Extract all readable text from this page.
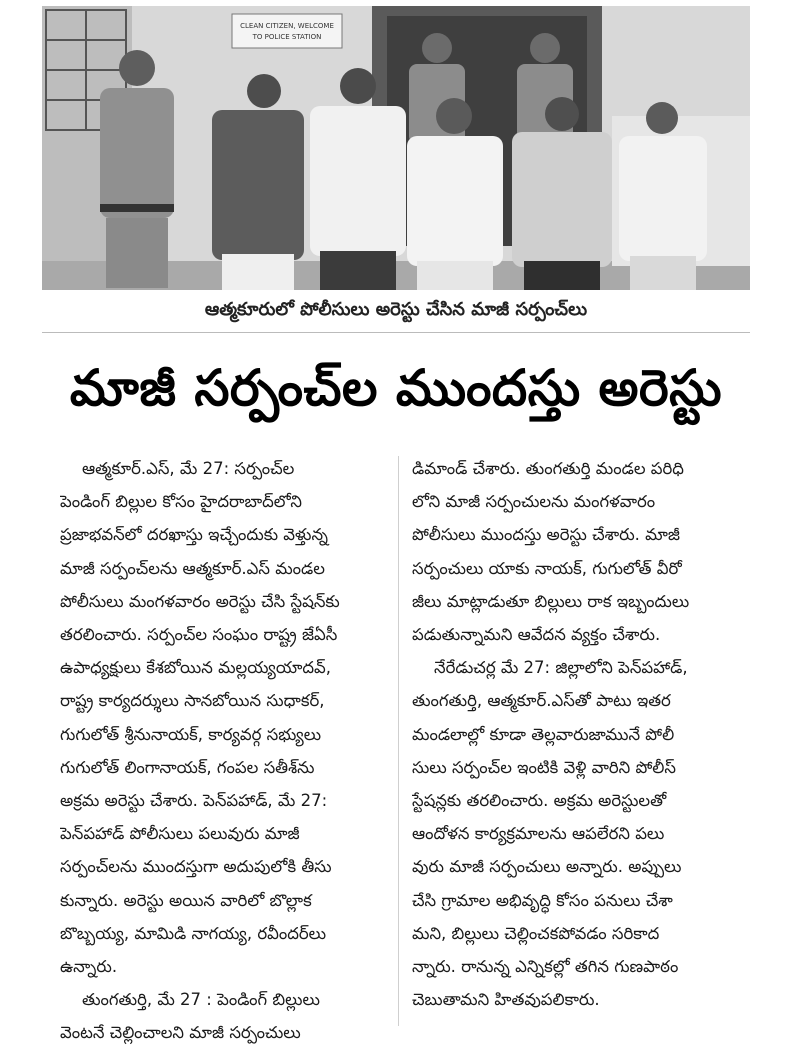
CLEAN CITIZEN, WELCOME
TO POLICE STATION
ఆత్మకూరులో పోలీసులు అరెస్టు చేసిన మాజీ సర్పంచ్‌లు
మాజీ సర్పంచ్‌ల ముందస్తు అరెస్టు
ఆత్మకూర్.ఎస్, మే 27: సర్పంచ్‌ల
పెండింగ్ బిల్లుల కోసం హైదరాబాద్‌లోని
ప్రజాభవన్‌లో దరఖాస్తు ఇచ్చేందుకు వెళ్తున్న
మాజీ సర్పంచ్‌లను ఆత్మకూర్.ఎస్ మండల
పోలీసులు మంగళవారం అరెస్టు చేసి స్టేషన్‌కు
తరలించారు. సర్పంచ్‌ల సంఘం రాష్ట్ర జేఏసీ
ఉపాధ్యక్షులు కేశబోయిన మల్లయ్యయాదవ్,
రాష్ట్ర కార్యదర్శులు సానబోయిన సుధాకర్,
గుగులోత్ శ్రీనునాయక్, కార్యవర్గ సభ్యులు
గుగులోత్ లింగానాయక్, గంపల సతీశ్‌ను
అక్రమ అరెస్టు చేశారు. పెన్‌పహాడ్, మే 27:
పెన్‌పహాడ్ పోలీసులు పలువురు మాజీ
సర్పంచ్‌లను ముందస్తుగా అదుపులోకి తీసు
కున్నారు. అరెస్టు అయిన వారిలో బొల్లాక
బొబ్బయ్య, మామిడి నాగయ్య, రవీందర్‌లు
ఉన్నారు.
తుంగతుర్తి, మే 27 : పెండింగ్ బిల్లులు
వెంటనే చెల్లించాలని మాజీ సర్పంచులు
డిమాండ్ చేశారు. తుంగతుర్తి మండల పరిధి
లోని మాజీ సర్పంచులను మంగళవారం
పోలీసులు ముందస్తు అరెస్టు చేశారు. మాజీ
సర్పంచులు యాకు నాయక్, గుగులోత్ వీరో
జీలు మాట్లాడుతూ బిల్లులు రాక ఇబ్బందులు
పడుతున్నామని ఆవేదన వ్యక్తం చేశారు.
నేరేడుచర్ల మే 27: జిల్లాలోని పెన్‌పహాడ్,
తుంగతుర్తి, ఆత్మకూర్.ఎస్‌తో పాటు ఇతర
మండలాల్లో కూడా తెల్లవారుజామునే పోలీ
సులు సర్పంచ్‌ల ఇంటికి వెళ్లి వారిని పోలీస్
స్టేషన్లకు తరలించారు. అక్రమ అరెస్టులతో
ఆందోళన కార్యక్రమాలను ఆపలేరని పలు
వురు మాజీ సర్పంచులు అన్నారు. అప్పులు
చేసి గ్రామాల అభివృద్ధి కోసం పనులు చేశా
మని, బిల్లులు చెల్లించకపోవడం సరికాద
న్నారు. రానున్న ఎన్నికల్లో తగిన గుణపాఠం
చెబుతామని హితవుపలికారు.
